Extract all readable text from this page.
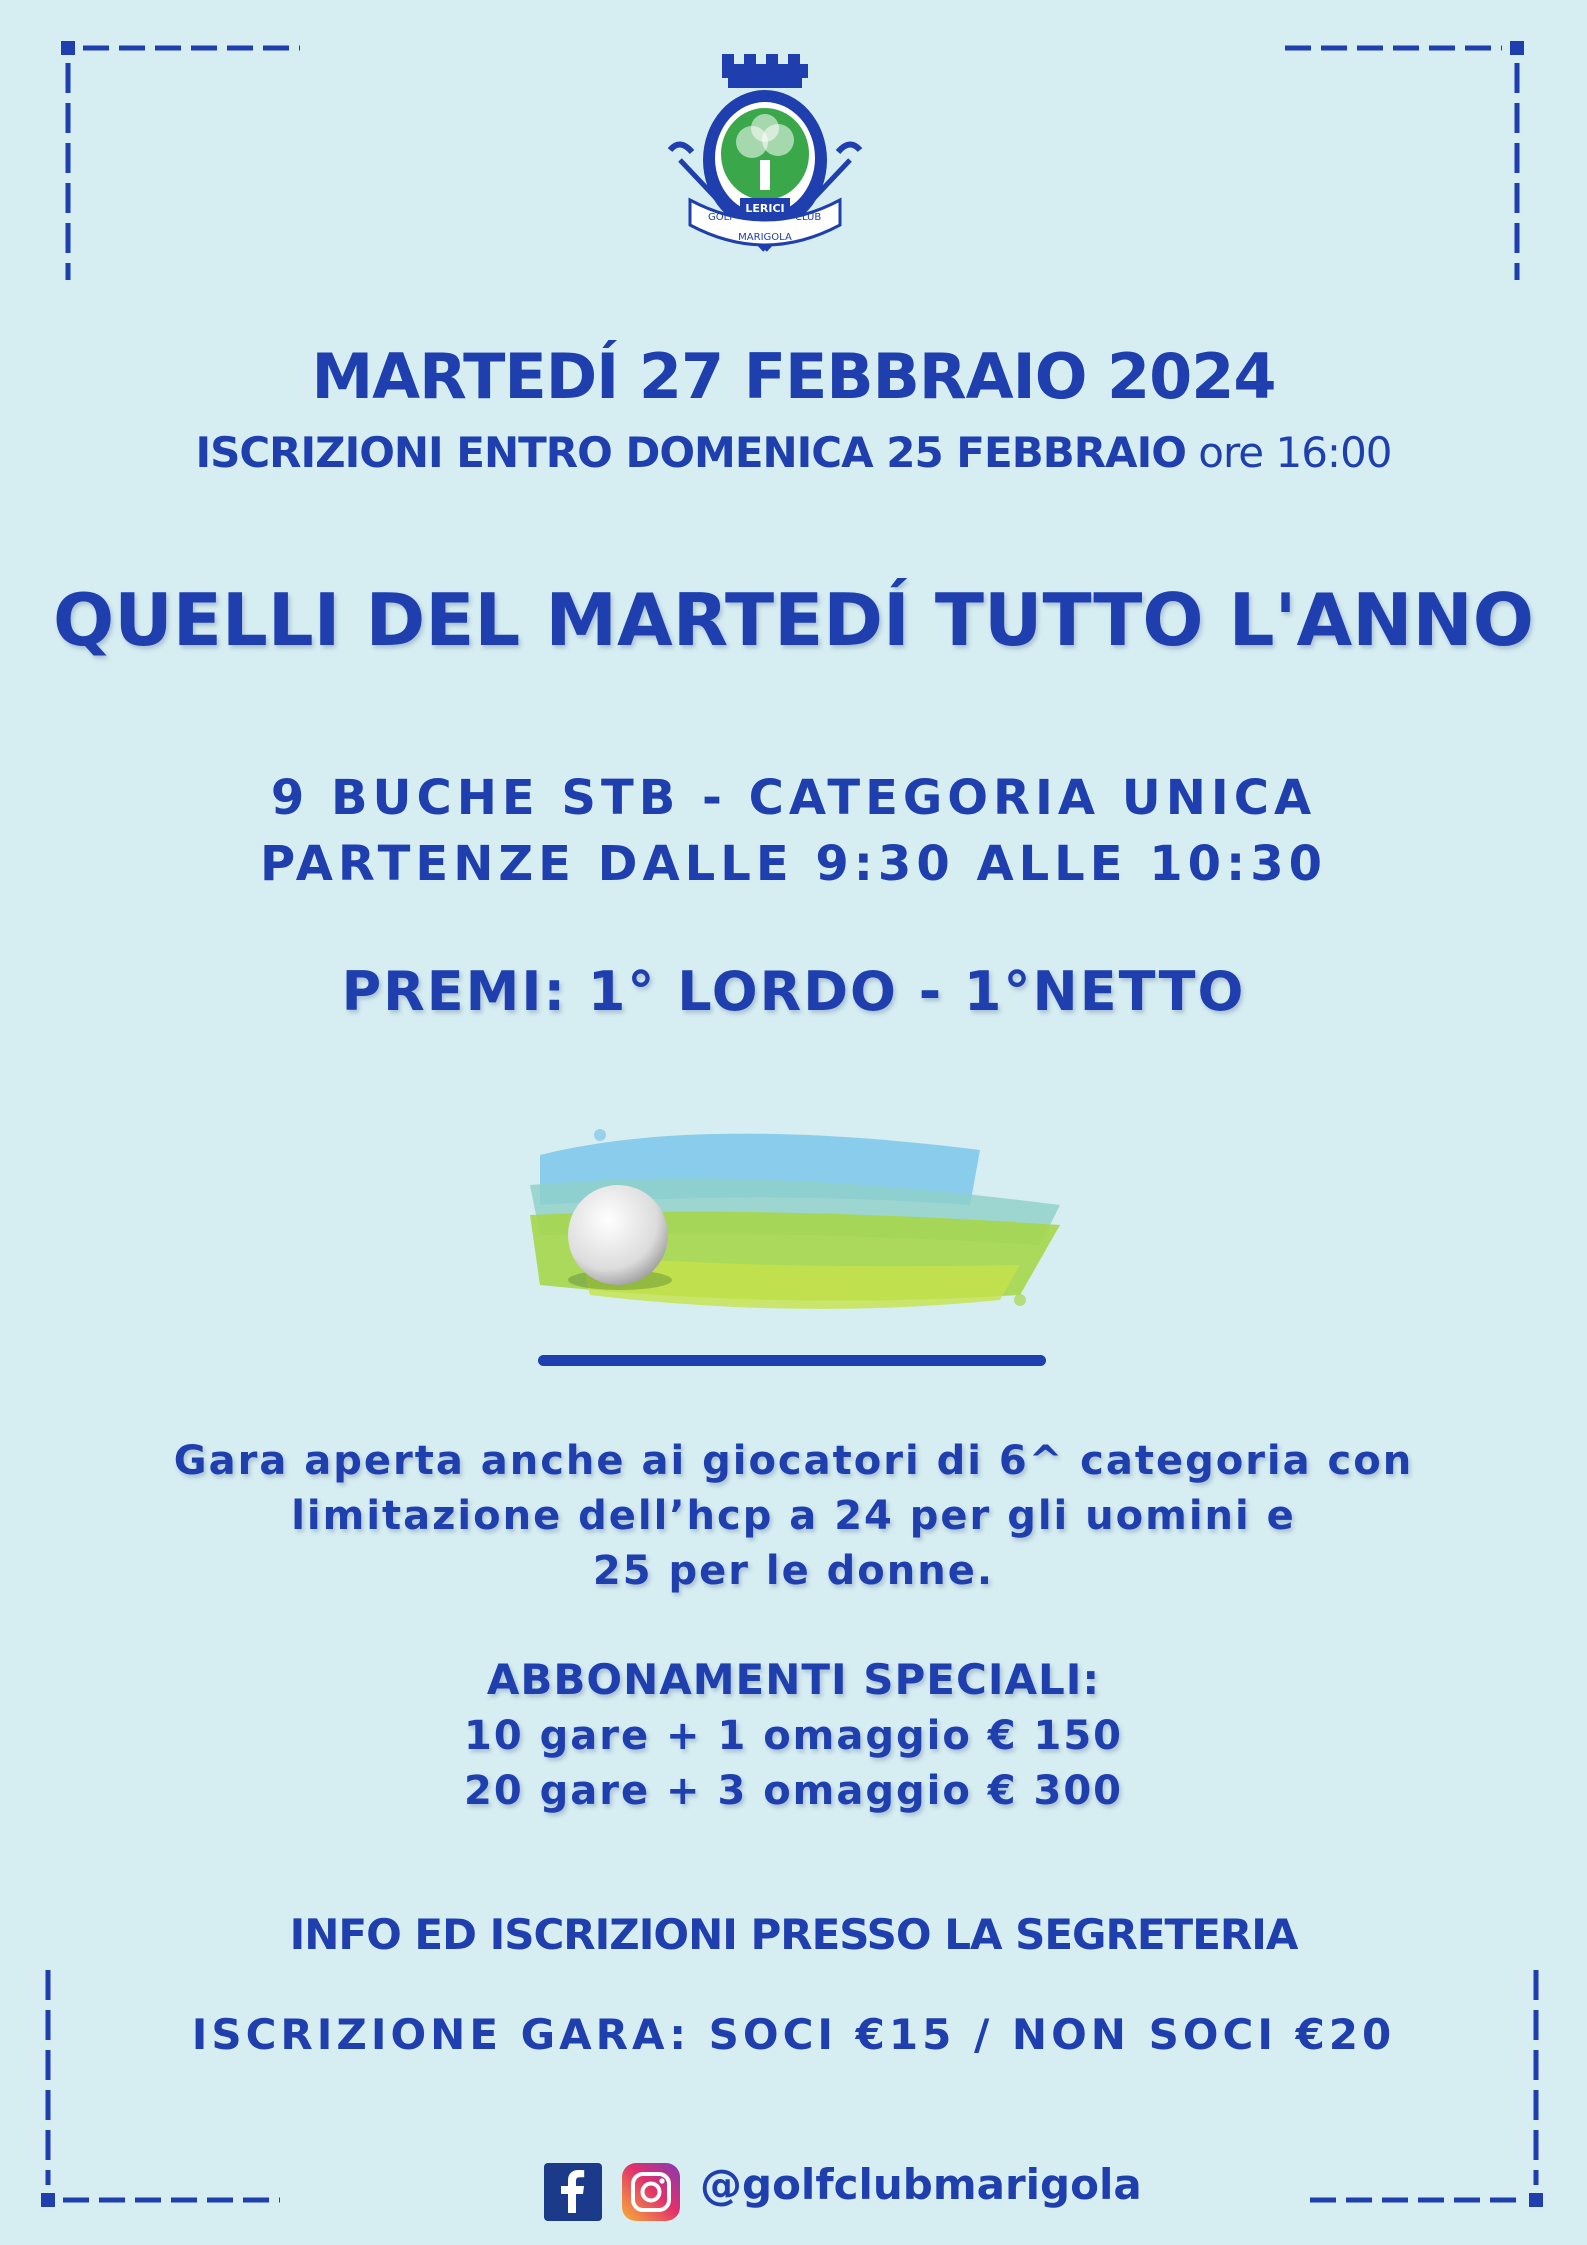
LERICI
GOLF	CLUB
MARIGOLA
MARTEDÍ 27 FEBBRAIO 2024
ISCRIZIONI ENTRO DOMENICA 25 FEBBRAIO ore 16:00
QUELLI DEL MARTEDÍ TUTTO L'ANNO
9 BUCHE STB - CATEGORIA UNICA
PARTENZE DALLE 9:30 ALLE 10:30
PREMI: 1° LORDO - 1°NETTO
Gara aperta anche ai giocatori di 6^ categoria con
limitazione dell’hcp a 24 per gli uomini e
25 per le donne.
ABBONAMENTI SPECIALI:
10 gare + 1 omaggio € 150
20 gare + 3 omaggio € 300
INFO ED ISCRIZIONI PRESSO LA SEGRETERIA
ISCRIZIONE GARA: SOCI €15 / NON SOCI €20
@golfclubmarigola
